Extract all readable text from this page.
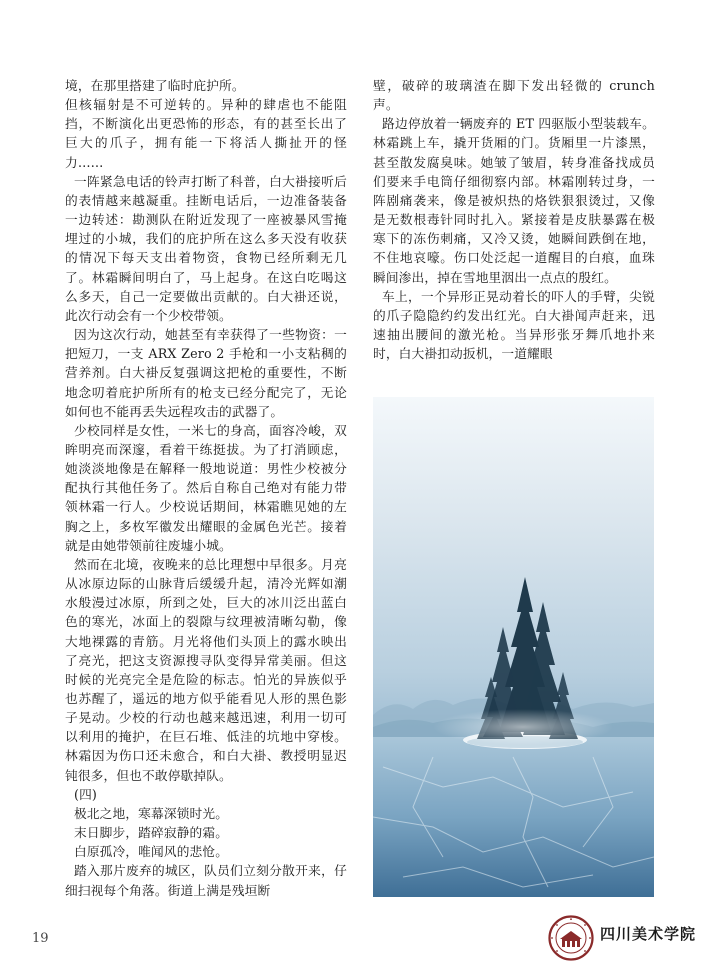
境，在那里搭建了临时庇护所。

但核辐射是不可逆转的。异种的肆虐也不能阻挡，不断演化出更恐怖的形态，有的甚至长出了巨大的爪子，拥有能一下将活人撕扯开的怪力……

一阵紧急电话的铃声打断了科普，白大褂接听后的表情越来越凝重。挂断电话后，一边准备装备一边转述：勘测队在附近发现了一座被暴风雪掩埋过的小城，我们的庇护所在这么多天没有收获的情况下每天支出着物资，食物已经所剩无几了。林霜瞬间明白了，马上起身。在这白吃喝这么多天，自己一定要做出贡献的。白大褂还说，此次行动会有一个少校带领。

因为这次行动，她甚至有幸获得了一些物资：一把短刀，一支 ARX Zero 2 手枪和一小支粘稠的营养剂。白大褂反复强调这把枪的重要性，不断地念叨着庇护所所有的枪支已经分配完了，无论如何也不能再丢失远程攻击的武器了。

少校同样是女性，一米七的身高，面容冷峻，双眸明亮而深邃，看着干练挺拔。为了打消顾虑，她淡淡地像是在解释一般地说道：男性少校被分配执行其他任务了。然后自称自己绝对有能力带领林霜一行人。少校说话期间，林霜瞧见她的左胸之上，多枚军徽发出耀眼的金属色光芒。接着就是由她带领前往废墟小城。

然而在北境，夜晚来的总比理想中早很多。月亮从冰原边际的山脉背后缓缓升起，清冷光辉如潮水般漫过冰原，所到之处，巨大的冰川泛出蓝白色的寒光，冰面上的裂隙与纹理被清晰勾勒，像大地裸露的青筋。月光将他们头顶上的露水映出了亮光，把这支资源搜寻队变得异常美丽。但这时候的光亮完全是危险的标志。怕光的异族似乎也苏醒了，遥远的地方似乎能看见人形的黑色影子晃动。少校的行动也越来越迅速，利用一切可以利用的掩护，在巨石堆、低洼的坑地中穿梭。林霜因为伤口还未愈合，和白大褂、教授明显迟钝很多，但也不敢停歇掉队。

(四)

极北之地，寒幕深锁时光。

末日脚步，踏碎寂静的霜。

白原孤冷，唯闻风的悲怆。

踏入那片废弃的城区，队员们立刻分散开来，仔细扫视每个角落。街道上满是残垣断

壁，破碎的玻璃渣在脚下发出轻微的 crunch 声。

路边停放着一辆废弃的 ET 四驱版小型装载车。林霜跳上车，撬开货厢的门。货厢里一片漆黑，甚至散发腐臭味。她皱了皱眉，转身准备找成员们要来手电筒仔细彻察内部。林霜刚转过身，一阵剧痛袭来，像是被炽热的烙铁狠狠烫过，又像是无数根毒针同时扎入。紧接着是皮肤暴露在极寒下的冻伤刺痛，又冷又烫，她瞬间跌倒在地，不住地哀嚎。伤口处泛起一道醒目的白痕，血珠瞬间渗出，掉在雪地里洇出一点点的殷红。

车上，一个异形正晃动着长的吓人的手臂，尖锐的爪子隐隐约约发出红光。白大褂闻声赶来，迅速抽出腰间的激光枪。当异形张牙舞爪地扑来时，白大褂扣动扳机，一道耀眼

19	四川美术学院
